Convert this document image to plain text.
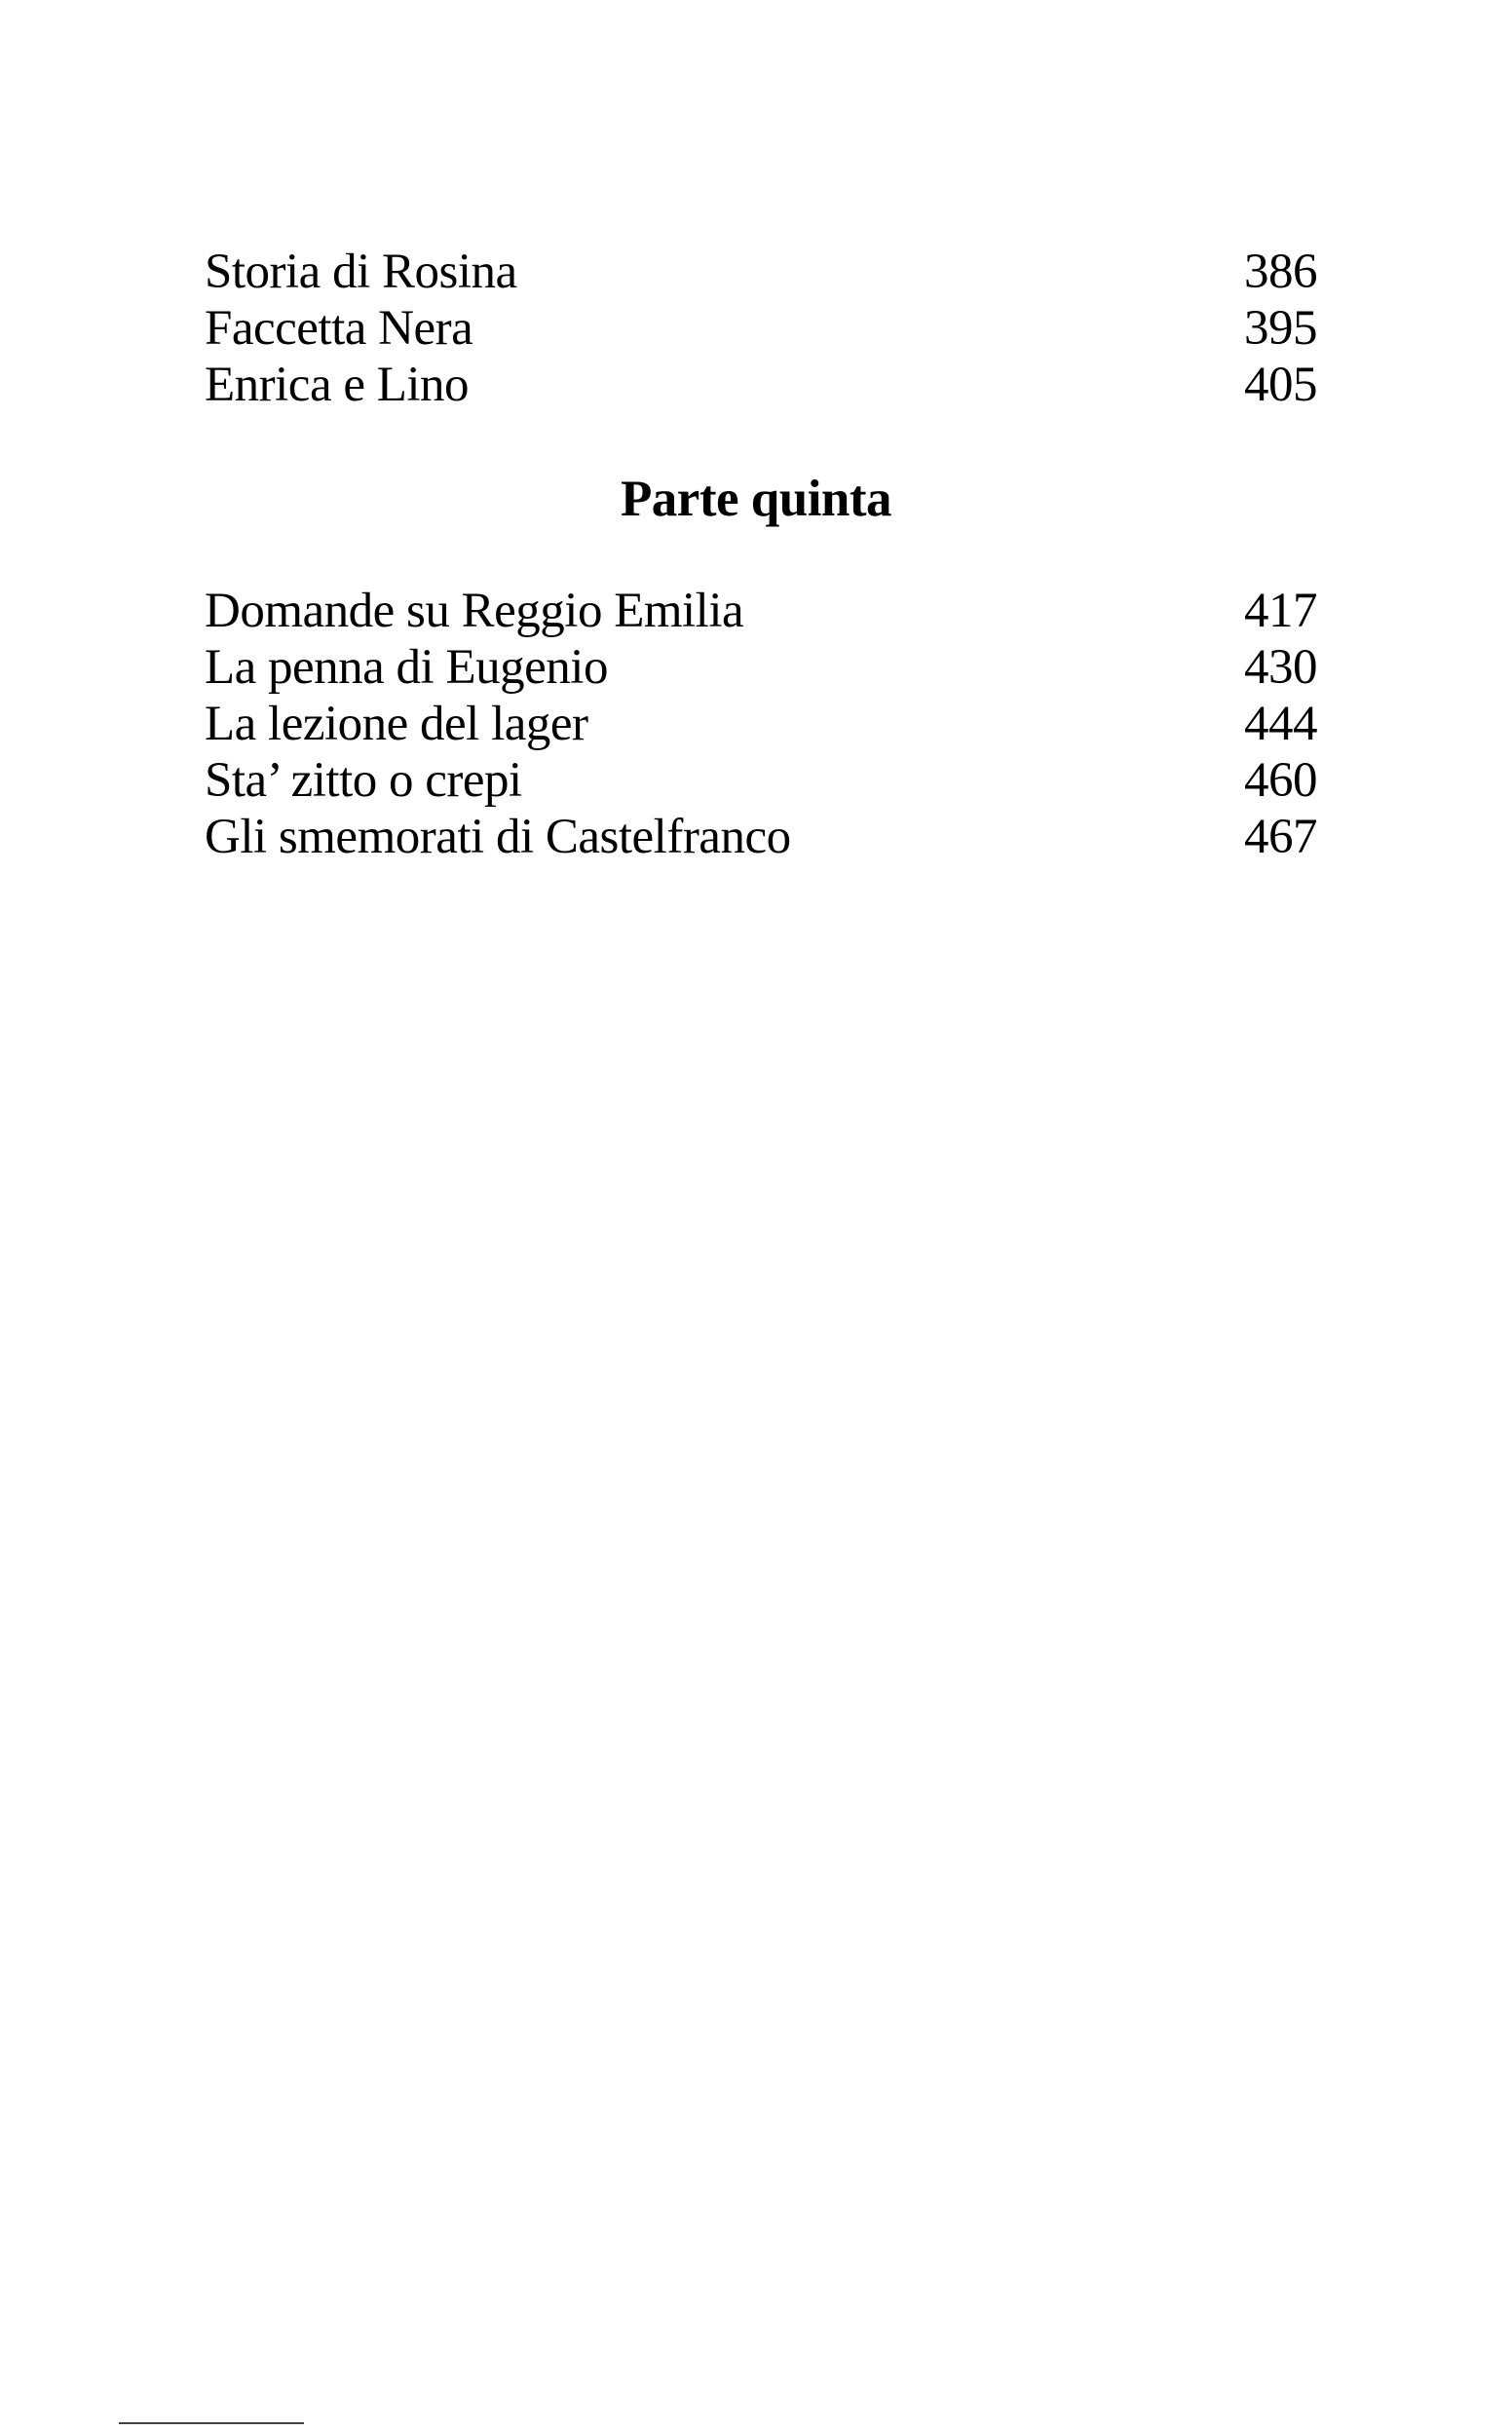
Storia di Rosina	386
Faccetta Nera	395
Enrica e Lino	405
Parte quinta
Domande su Reggio Emilia	417
La penna di Eugenio	430
La lezione del lager	444
Sta’ zitto o crepi	460
Gli smemorati di Castelfranco	467
